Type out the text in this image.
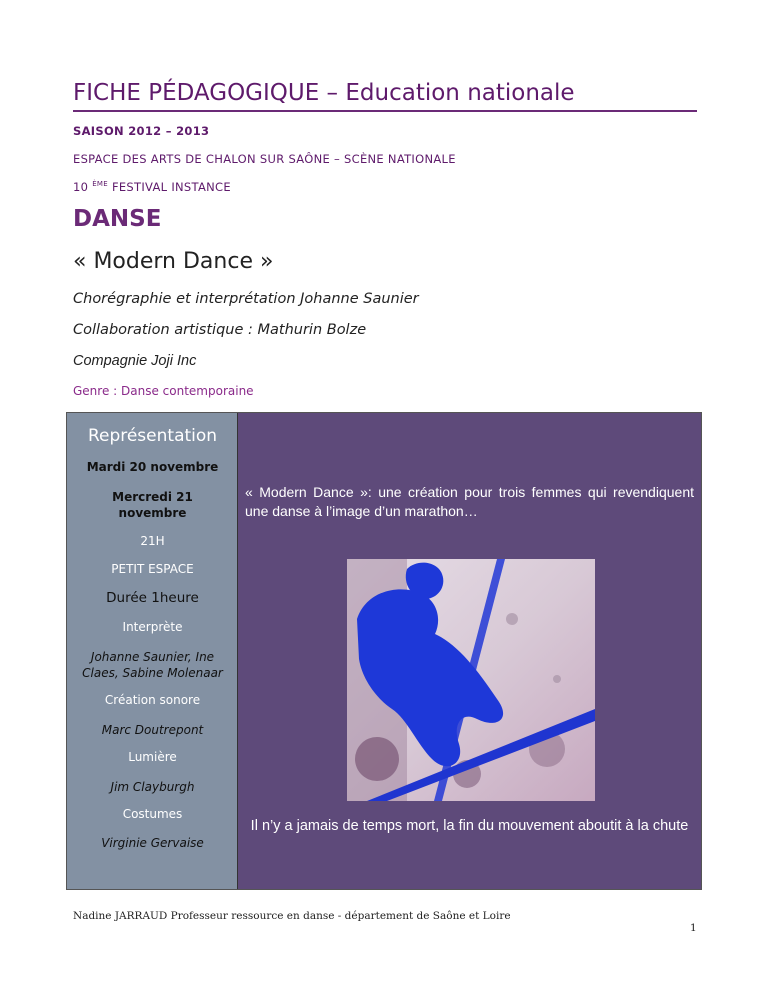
FICHE PÉDAGOGIQUE – Education nationale
SAISON 2012 – 2013
ESPACE DES ARTS DE CHALON SUR SAÔNE – SCÈNE NATIONALE
10 $^{ÈME}$ FESTIVAL INSTANCE
DANSE
« Modern Dance »
Chorégraphie et interprétation Johanne Saunier
Collaboration artistique : Mathurin Bolze
Compagnie Joji Inc
Genre : Danse contemporaine
Représentation
Mardi 20 novembre
Mercredi 21 novembre
21H
PETIT ESPACE
Durée 1heure
Interprète
Johanne Saunier, Ine Claes, Sabine Molenaar
Création sonore
Marc Doutrepont
Lumière
Jim Clayburgh
Costumes
Virginie Gervaise
« Modern Dance »: une création pour trois femmes qui revendiquent une danse à l’image d’un marathon…
Il n’y a jamais de temps mort, la fin du mouvement aboutit à la chute
Nadine JARRAUD Professeur ressource en danse - département de Saône et Loire
1
